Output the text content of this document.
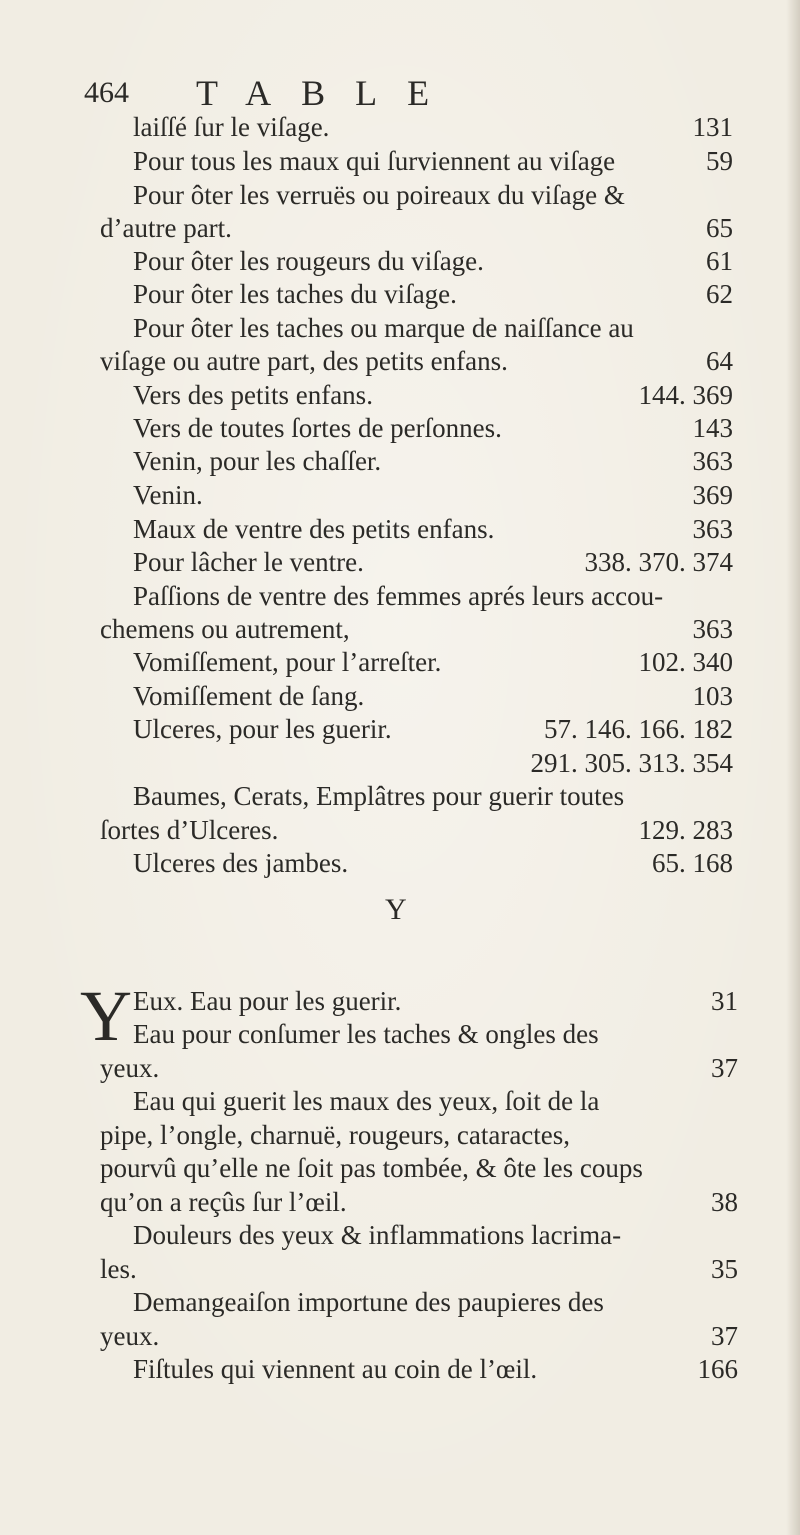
464 TABLE
laiſſé ſur le viſage.	131
Pour tous les maux qui ſurviennent au viſage	59
Pour ôter les verruës ou poireaux du viſage &
d’autre part.	65
Pour ôter les rougeurs du viſage.	61
Pour ôter les taches du viſage.	62
Pour ôter les taches ou marque de naiſſance au
viſage ou autre part, des petits enfans.	64
Vers des petits enfans.	144. 369
Vers de toutes ſortes de perſonnes.	143
Venin, pour les chaſſer.	363
Venin.	369
Maux de ventre des petits enfans.	363
Pour lâcher le ventre.	338. 370. 374
Paſſions de ventre des femmes aprés leurs accou-
chemens ou autrement,	363
Vomiſſement, pour l’arreſter.	102. 340
Vomiſſement de ſang.	103
Ulceres, pour les guerir.	57. 146. 166. 182
291. 305. 313. 354
Baumes, Cerats, Emplâtres pour guerir toutes
ſortes d’Ulceres.	129. 283
Ulceres des jambes.	65. 168
Y
Y Eux. Eau pour les guerir.	31
Eau pour conſumer les taches & ongles des
yeux.	37
Eau qui guerit les maux des yeux, ſoit de la
pipe, l’ongle, charnuë, rougeurs, cataractes,
pourvû qu’elle ne ſoit pas tombée, & ôte les coups
qu’on a reçûs ſur l’œil.	38
Douleurs des yeux & inflammations lacrima-
les.	35
Demangeaiſon importune des paupieres des
yeux.	37
Fiſtules qui viennent au coin de l’œil.	166
